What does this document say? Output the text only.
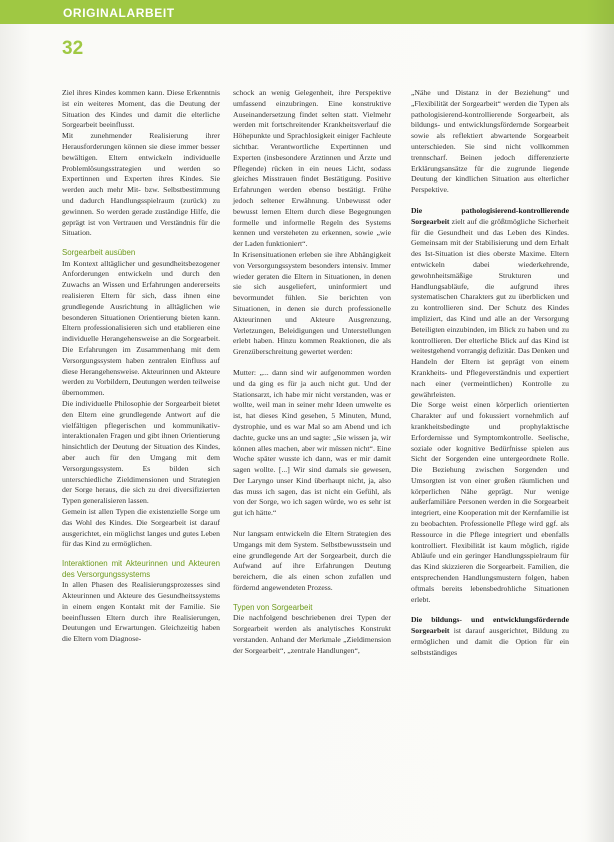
ORIGINALARBEIT
32

Ziel ihres Kindes kommen kann. Diese Erkenntnis ist ein weiteres Moment, das die Deutung der Situation des Kindes und damit die elterliche Sorgearbeit beeinflusst.

Mit zunehmender Realisierung ihrer Herausforderungen können sie diese immer besser bewältigen. Eltern entwickeln individuelle Problemlösungsstrategien und werden so Expertinnen und Experten ihres Kindes. Sie werden auch mehr Mit- bzw. Selbstbestimmung und dadurch Handlungsspielraum (zurück) zu gewinnen. So werden gerade zuständige Hilfe, die geprägt ist von Vertrauen und Verständnis für die Situation.

Sorgearbeit ausüben

Im Kontext alltäglicher und gesundheitsbezogener Anforderungen entwickeln und durch den Zuwachs an Wissen und Erfahrungen andererseits realisieren Eltern für sich, dass ihnen eine grundlegende Ausrichtung in alltäglichen wie besonderen Situationen Orientierung bieten kann. Eltern professionalisieren sich und etablieren eine individuelle Herangehensweise an die Sorgearbeit. Die Erfahrungen im Zusammenhang mit dem Versorgungssystem haben zentralen Einfluss auf diese Herangehensweise. Akteurinnen und Akteure werden zu Vorbildern, Deutungen werden teilweise übernommen.

Die individuelle Philosophie der Sorgearbeit bietet den Eltern eine grundlegende Antwort auf die vielfältigen pflegerischen und kommunikativ-interaktionalen Fragen und gibt ihnen Orientierung hinsichtlich der Deutung der Situation des Kindes, aber auch für den Umgang mit dem Versorgungssystem. Es bilden sich unterschiedliche Zieldimensionen und Strategien der Sorge heraus, die sich zu drei diversifizierten Typen generalisieren lassen.

Gemein ist allen Typen die existenzielle Sorge um das Wohl des Kindes. Die Sorgearbeit ist darauf ausgerichtet, ein möglichst langes und gutes Leben für das Kind zu ermöglichen.

Interaktionen mit Akteurinnen und Akteuren des Versorgungssystems

In allen Phasen des Realisierungsprozesses sind Akteurinnen und Akteure des Gesundheitssystems in einem engen Kontakt mit der Familie. Sie beeinflussen Eltern durch ihre Realisierungen, Deutungen und Erwartungen. Gleichzeitig haben die Eltern vom Diagnose-

schock an wenig Gelegenheit, ihre Perspektive umfassend einzubringen. Eine konstruktive Auseinandersetzung findet selten statt. Vielmehr werden mit fortschreitender Krankheitsverlauf die Höhepunkte und Sprachlosigkeit einiger Fachleute sichtbar. Verantwortliche Expertinnen und Experten (insbesondere Ärztinnen und Ärzte und Pflegende) rücken in ein neues Licht, sodass gleiches Misstrauen findet Bestätigung. Positive Erfahrungen werden ebenso bestätigt. Frühe jedoch seltener Erwähnung. Unbewusst oder bewusst lernen Eltern durch diese Begegnungen formelle und informelle Regeln des Systems kennen und versteheten zu erkennen, sowie „wie der Laden funktioniert“.

In Krisensituationen erleben sie ihre Abhängigkeit von Versorgungssystem besonders intensiv. Immer wieder geraten die Eltern in Situationen, in denen sie sich ausgeliefert, uninformiert und bevormundet fühlen. Sie berichten von Situationen, in denen sie durch professionelle Akteurinnen und Akteure Ausgrenzung, Verletzungen, Beleidigungen und Unterstellungen erlebt haben. Hinzu kommen Reaktionen, die als Grenzüberschreitung gewertet werden:

Mutter: „... dann sind wir aufgenommen worden und da ging es für ja auch nicht gut. Und der Stationsarzt, ich habe mir nicht verstanden, was er wollte, weil man in seiner mehr Ideen umwelte es ist, hat dieses Kind gesehen, 5 Minuten, Mund, dystrophie, und es war Mal so am Abend und ich dachte, gucke uns an und sagte: „Sie wissen ja, wir können alles machen, aber wir müssen nicht“. Eine Woche später wusste ich dann, was er mir damit sagen wollte. [...] Wir sind damals sie gewesen, Der Laryngo unser Kind überhaupt nicht, ja, also das muss ich sagen, das ist nicht ein Gefühl, als von der Sorge, wo ich sagen würde, wo es sehr ist gut ich hätte.“

Nur langsam entwickeln die Eltern Strategien des Umgangs mit dem System. Selbstbewusstsein und eine grundlegende Art der Sorgearbeit, durch die Aufwand auf ihre Erfahrungen Deutung bereichern, die als einen schon zufallen und fördernd angewendeten Prozess.

Typen von Sorgearbeit

Die nachfolgend beschriebenen drei Typen der Sorgearbeit werden als analytisches Konstrukt verstanden. Anhand der Merkmale „Zieldimension der Sorgearbeit“, „zentrale Handlungen“,

„Nähe und Distanz in der Beziehung“ und „Flexibilität der Sorgearbeit“ werden die Typen als pathologisierend-kontrollierende Sorgearbeit, als bildungs- und entwicklungsfördernde Sorgearbeit sowie als reflektiert abwartende Sorgearbeit unterschieden. Sie sind nicht vollkommen trennscharf. Beinen jedoch differenzierte Erklärungsansätze für die zugrunde liegende Deutung der kindlichen Situation aus elterlicher Perspektive.

Die pathologisierend-kontrollierende Sorgearbeit zielt auf die größtmögliche Sicherheit für die Gesundheit und das Leben des Kindes. Gemeinsam mit der Stabilisierung und dem Erhalt des Ist-Situation ist dies oberste Maxime. Eltern entwickeln dabei wiederkehrende, gewohnheitsmäßige Strukturen und Handlungsabläufe, die aufgrund ihres systematischen Charakters gut zu überblicken und zu kontrollieren sind. Der Schutz des Kindes impliziert, das Kind und alle an der Versorgung Beteiligten einzubinden, im Blick zu haben und zu kontrollieren. Der elterliche Blick auf das Kind ist weitestgehend vorrangig defizitär. Das Denken und Handeln der Eltern ist geprägt von einem Krankheits- und Pflegeverständnis und expertiert nach einer (vermeintlichen) Kontrolle zu gewährleisten.

Die Sorge weist einen körperlich orientierten Charakter auf und fokussiert vornehmlich auf krankheitsbedingte und prophylaktische Erfordernisse und Symptomkontrolle. Seelische, soziale oder kognitive Bedürfnisse spielen aus Sicht der Sorgenden eine untergeordnete Rolle. Die Beziehung zwischen Sorgenden und Umsorgten ist von einer großen räumlichen und körperlichen Nähe geprägt. Nur wenige außerfamiliäre Personen werden in die Sorgearbeit integriert, eine Kooperation mit der Kernfamilie ist zu beobachten. Professionelle Pflege wird ggf. als Ressource in die Pflege integriert und ebenfalls kontrolliert. Flexibilität ist kaum möglich, rigide Abläufe und ein geringer Handlungsspielraum für das Kind skizzieren die Sorgearbeit. Familien, die entsprechenden Handlungsmustern folgen, haben oftmals bereits lebensbedrohliche Situationen erlebt.

Die bildungs- und entwicklungsfördernde Sorgearbeit ist darauf ausgerichtet, Bildung zu ermöglichen und damit die Option für ein selbstständiges
